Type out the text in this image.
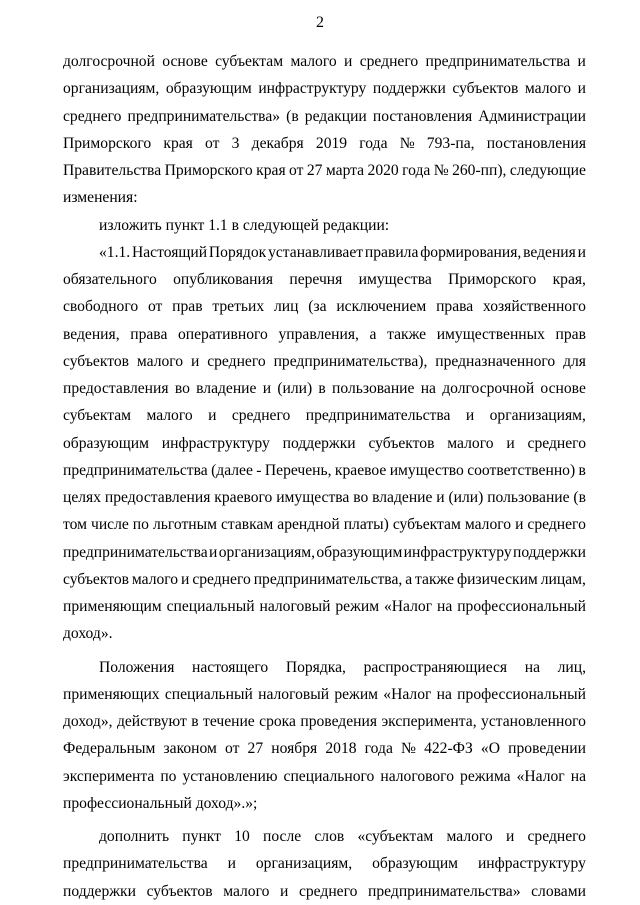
2
долгосрочной основе субъектам малого и среднего предпринимательства и
организациям, образующим инфраструктуру поддержки субъектов малого и
среднего предпринимательства» (в редакции постановления Администрации
Приморского края от 3 декабря 2019 года № 793-па, постановления
Правительства Приморского края от 27 марта 2020 года № 260-пп), следующие
изменения:
изложить пункт 1.1 в следующей редакции:
«1.1. Настоящий Порядок устанавливает правила формирования, ведения и
обязательного опубликования перечня имущества Приморского края,
свободного от прав третьих лиц (за исключением права хозяйственного
ведения, права оперативного управления, а также имущественных прав
субъектов малого и среднего предпринимательства), предназначенного для
предоставления во владение и (или) в пользование на долгосрочной основе
субъектам малого и среднего предпринимательства и организациям,
образующим инфраструктуру поддержки субъектов малого и среднего
предпринимательства (далее - Перечень, краевое имущество соответственно) в
целях предоставления краевого имущества во владение и (или) пользование (в
том числе по льготным ставкам арендной платы) субъектам малого и среднего
предпринимательства и организациям, образующим инфраструктуру поддержки
субъектов малого и среднего предпринимательства, а также физическим лицам,
применяющим специальный налоговый режим «Налог на профессиональный
доход».
Положения настоящего Порядка, распространяющиеся на лиц,
применяющих специальный налоговый режим «Налог на профессиональный
доход», действуют в течение срока проведения эксперимента, установленного
Федеральным законом от 27 ноября 2018 года № 422-ФЗ «О проведении
эксперимента по установлению специального налогового режима «Налог на
профессиональный доход».»;
дополнить пункт 10 после слов «субъектам малого и среднего
предпринимательства и организациям, образующим инфраструктуру
поддержки субъектов малого и среднего предпринимательства» словами
